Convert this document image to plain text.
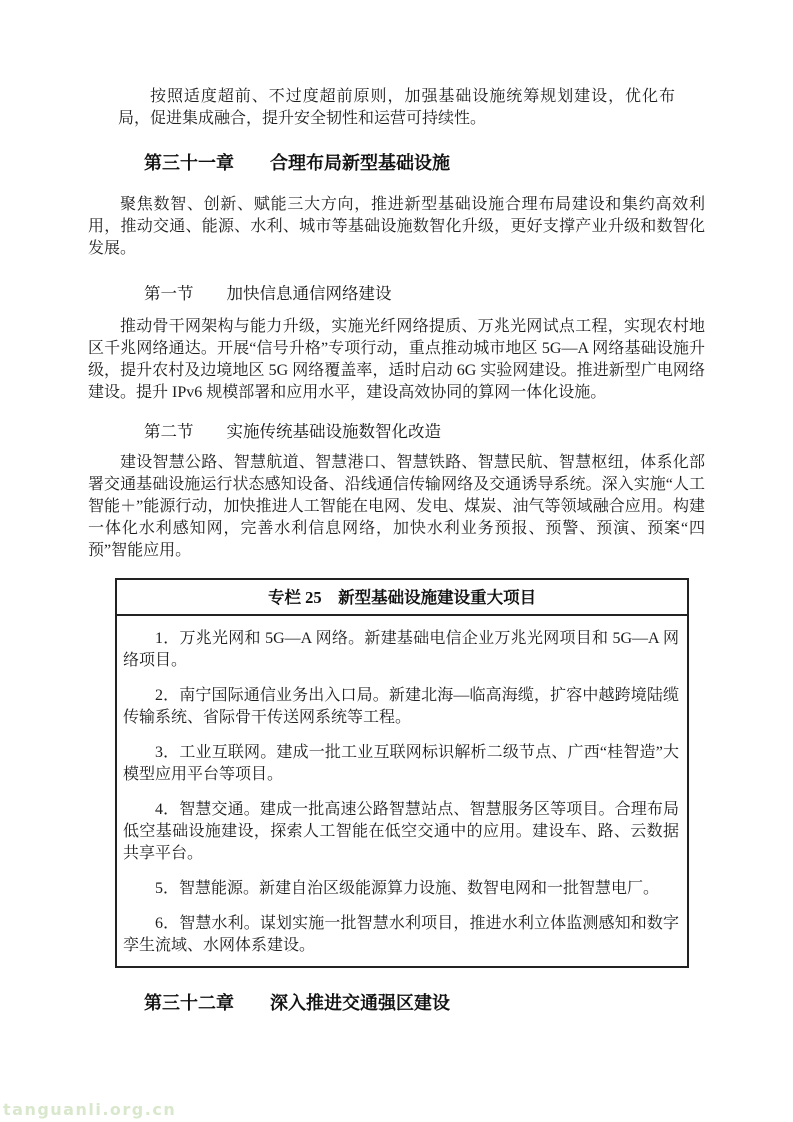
按照适度超前、不过度超前原则，加强基础设施统筹规划建设，优化布局，促进集成融合，提升安全韧性和运营可持续性。

第三十一章　　合理布局新型基础设施

聚焦数智、创新、赋能三大方向，推进新型基础设施合理布局建设和集约高效利用，推动交通、能源、水利、城市等基础设施数智化升级，更好支撑产业升级和数智化发展。

第一节　　加快信息通信网络建设

推动骨干网架构与能力升级，实施光纤网络提质、万兆光网试点工程，实现农村地区千兆网络通达。开展“信号升格”专项行动，重点推动城市地区 5G—A 网络基础设施升级，提升农村及边境地区 5G 网络覆盖率，适时启动 6G 实验网建设。推进新型广电网络建设。提升 IPv6 规模部署和应用水平，建设高效协同的算网一体化设施。

第二节　　实施传统基础设施数智化改造

建设智慧公路、智慧航道、智慧港口、智慧铁路、智慧民航、智慧枢纽，体系化部署交通基础设施运行状态感知设备、沿线通信传输网络及交通诱导系统。深入实施“人工智能＋”能源行动，加快推进人工智能在电网、发电、煤炭、油气等领域融合应用。构建一体化水利感知网，完善水利信息网络，加快水利业务预报、预警、预演、预案“四预”智能应用。

专栏 25　新型基础设施建设重大项目

1．万兆光网和 5G—A 网络。新建基础电信企业万兆光网项目和 5G—A 网络项目。

2．南宁国际通信业务出入口局。新建北海—临高海缆，扩容中越跨境陆缆传输系统、省际骨干传送网系统等工程。

3．工业互联网。建成一批工业互联网标识解析二级节点、广西“桂智造”大模型应用平台等项目。

4．智慧交通。建成一批高速公路智慧站点、智慧服务区等项目。合理布局低空基础设施建设，探索人工智能在低空交通中的应用。建设车、路、云数据共享平台。

5．智慧能源。新建自治区级能源算力设施、数智电网和一批智慧电厂。

6．智慧水利。谋划实施一批智慧水利项目，推进水利立体监测感知和数字孪生流域、水网体系建设。

第三十二章　　深入推进交通强区建设
tanguanli.org.cn
